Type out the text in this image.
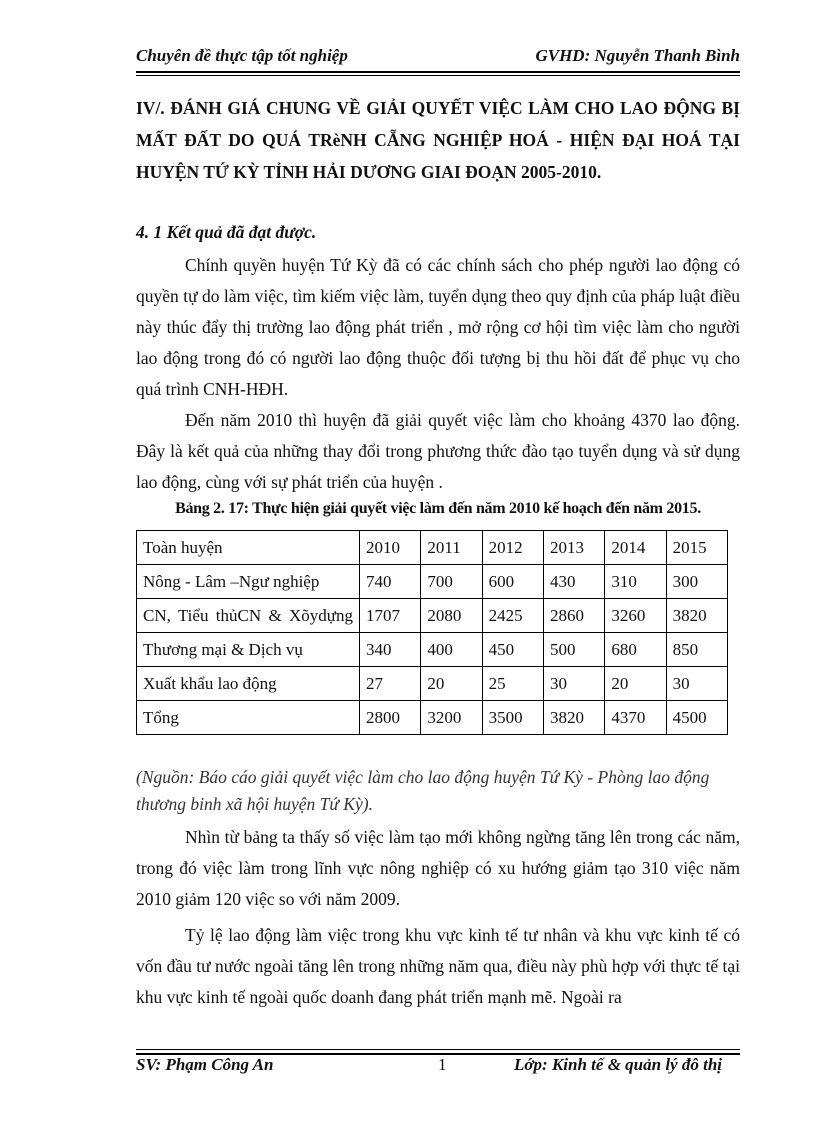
Chuyên đề thực tập tốt nghiệp	GVHD: Nguyễn Thanh Bình
IV/. ĐÁNH GIÁ CHUNG VỀ GIẢI QUYẾT VIỆC LÀM CHO LAO ĐỘNG BỊ MẤT ĐẤT DO QUÁ TRèNH CẴNG NGHIỆP HOÁ - HIỆN ĐẠI HOÁ TẠI HUYỆN TỨ KỲ TỈNH HẢI DƯƠNG GIAI ĐOẠN 2005-2010.
4. 1 Kết quả đã đạt được.

Chính quyền huyện Tứ Kỳ đã có các chính sách cho phép người lao động có quyền tự do làm việc, tìm kiếm việc làm, tuyển dụng theo quy định của pháp luật điều này thúc đẩy thị trường lao động phát triển , mở rộng cơ hội tìm việc làm cho người lao động trong đó có người lao động thuộc đối tượng bị thu hồi đất để phục vụ cho quá trình CNH-HĐH.

Đến năm 2010 thì huyện đã giải quyết việc làm cho khoảng 4370 lao động. Đây là kết quả của những thay đổi trong phương thức đào tạo tuyển dụng và sử dụng lao động, cùng với sự phát triển của huyện .

Bảng 2. 17: Thực hiện giải quyết việc làm đến năm 2010 kế hoạch đến năm 2015.
Toàn huyện	2010	2011	2012	2013	2014	2015
Nông - Lâm –Ngư nghiệp	740	700	600	430	310	300
CN, Tiểu thủCN & Xõydựng	1707	2080	2425	2860	3260	3820
Thương mại & Dịch vụ	340	400	450	500	680	850
Xuất khẩu lao động	27	20	25	30	20	30
Tổng	2800	3200	3500	3820	4370	4500
(Nguồn: Báo cáo giải quyết việc làm cho lao động huyện Tứ Kỳ - Phòng lao động thương binh xã hội huyện Tứ Kỳ).

Nhìn từ bảng ta thấy số việc làm tạo mới không ngừng tăng lên trong các năm, trong đó việc làm trong lĩnh vực nông nghiệp có xu hướng giảm tạo 310 việc năm 2010 giảm 120 việc so với năm 2009.

Tỷ lệ lao động làm việc trong khu vực kinh tế tư nhân và khu vực kinh tế có vốn đầu tư nước ngoài tăng lên trong những năm qua, điều này phù hợp với thực tế tại khu vực kinh tế ngoài quốc doanh đang phát triển mạnh mẽ. Ngoài ra

SV: Phạm Công An	1	Lớp: Kinh tế & quản lý đô thị
